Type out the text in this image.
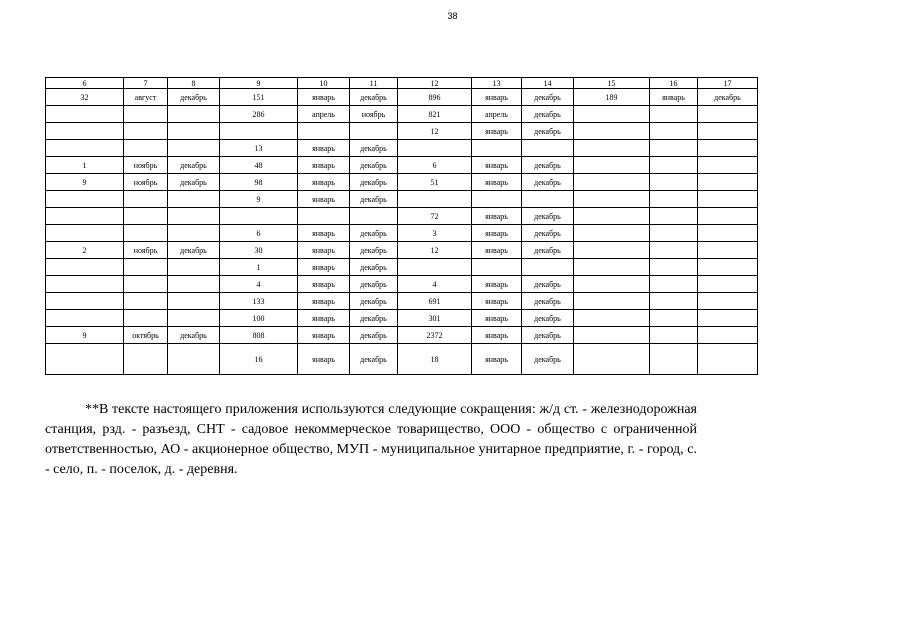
38
6	7	8	9	10	11	12	13	14	15	16	17
32	август	декабрь	151	январь	декабрь	896	январь	декабрь	189	январь	декабрь
			286	апрель	ноябрь	821	апрель	декабрь			
						12	январь	декабрь			
			13	январь	декабрь						
1	ноябрь	декабрь	48	январь	декабрь	6	январь	декабрь			
9	ноябрь	декабрь	98	январь	декабрь	51	январь	декабрь			
			9	январь	декабрь						
						72	январь	декабрь			
			6	январь	декабрь	3	январь	декабрь			
2	ноябрь	декабрь	30	январь	декабрь	12	январь	декабрь			
			1	январь	декабрь						
			4	январь	декабрь	4	январь	декабрь			
			133	январь	декабрь	691	январь	декабрь			
			100	январь	декабрь	301	январь	декабрь			
9	октябрь	декабрь	808	январь	декабрь	2372	январь	декабрь			
			16	январь	декабрь	18	январь	декабрь			

**В тексте настоящего приложения используются следующие сокращения: ж/д ст. - железнодорожная станция, рзд. - разъезд, СНТ - садовое некоммерческое товарищество, ООО - общество с ограниченной ответственностью, АО - акционерное общество, МУП - муниципальное унитарное предприятие, г. - город, с. - село, п. - поселок, д. - деревня.
